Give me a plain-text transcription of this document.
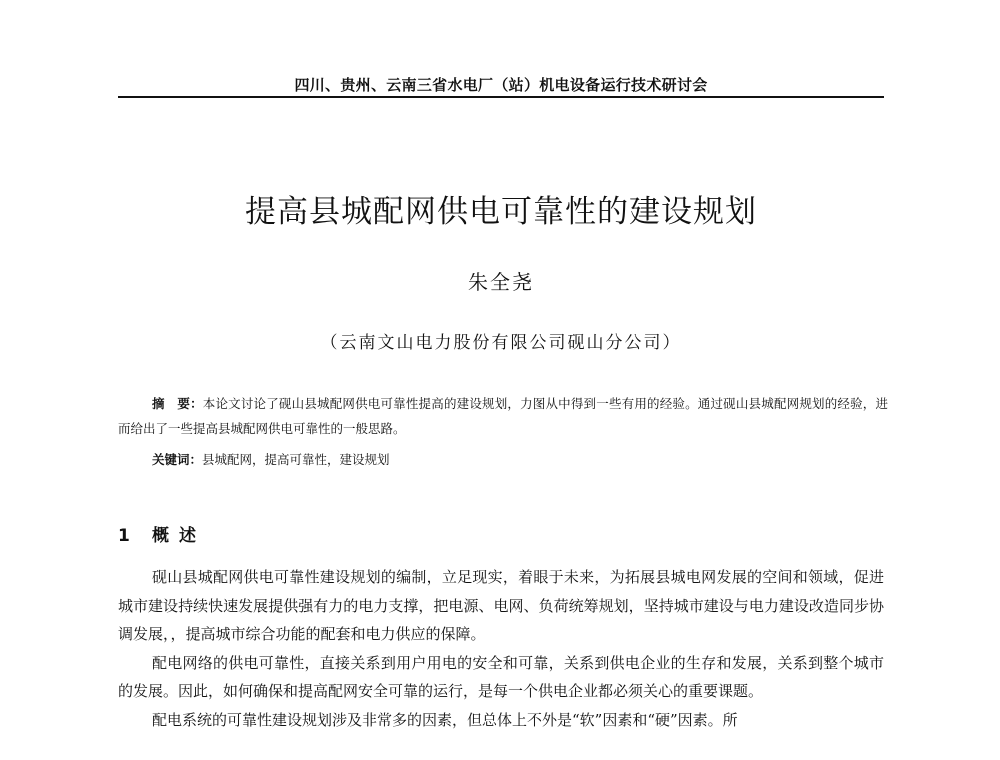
四川、贵州、云南三省水电厂（站）机电设备运行技术研讨会
提高县城配网供电可靠性的建设规划
朱全尧
（云南文山电力股份有限公司砚山分公司）
摘　要：本论文讨论了砚山县城配网供电可靠性提高的建设规划，力图从中得到一些有用的经验。通过砚山县城配网规划的经验，进而给出了一些提高县城配网供电可靠性的一般思路。
关键词：县城配网，提高可靠性，建设规划
1 概述

砚山县城配网供电可靠性建设规划的编制，立足现实，着眼于未来，为拓展县城电网发展的空间和领域，促进城市建设持续快速发展提供强有力的电力支撑，把电源、电网、负荷统筹规划，坚持城市建设与电力建设改造同步协调发展，，提高城市综合功能的配套和电力供应的保障。

配电网络的供电可靠性，直接关系到用户用电的安全和可靠，关系到供电企业的生存和发展，关系到整个城市的发展。因此，如何确保和提高配网安全可靠的运行，是每一个供电企业都必须关心的重要课题。

配电系统的可靠性建设规划涉及非常多的因素，但总体上不外是“软”因素和“硬”因素。所
